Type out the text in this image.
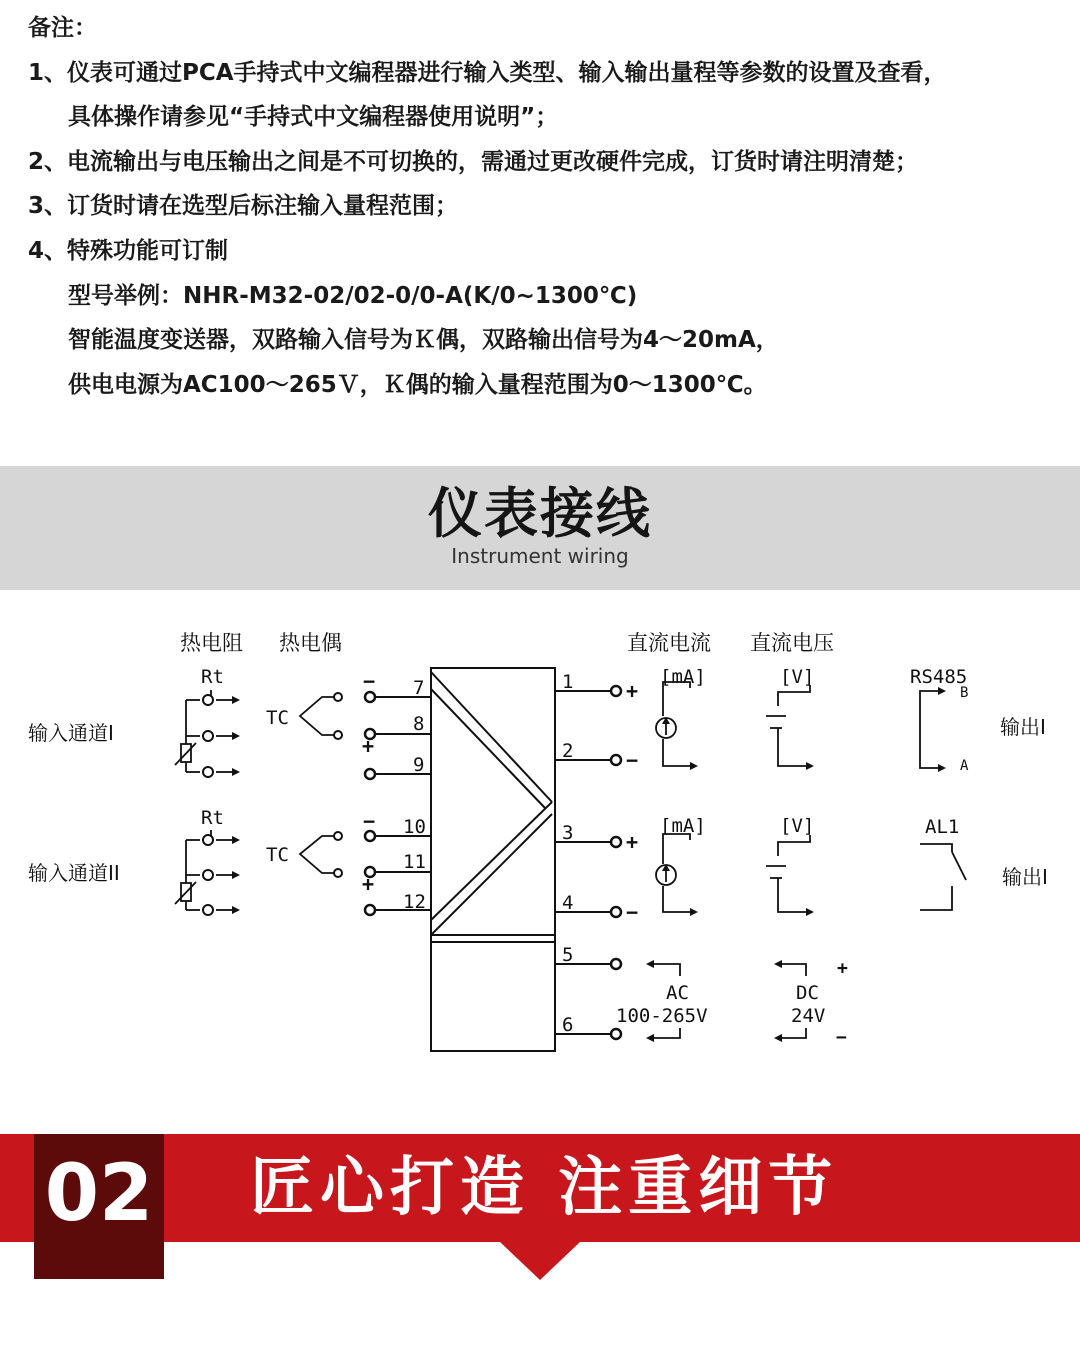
备注：
1、仪表可通过PCA手持式中文编程器进行输入类型、输入输出量程等参数的设置及查看，
具体操作请参见“手持式中文编程器使用说明”；
2、电流输出与电压输出之间是不可切换的，需通过更改硬件完成，订货时请注明清楚；
3、订货时请在选型后标注输入量程范围；
4、特殊功能可订制
型号举例：NHR-M32-02/02-0/0-A(K/0~1300℃)
智能温度变送器，双路输入信号为Ｋ偶，双路输出信号为4～20mA，
供电电源为AC100～265Ｖ，Ｋ偶的输入量程范围为0～1300℃。
仪表接线
Instrument wiring
7
8
9
10
11
12
1
2
3
4
5
6
−
+
−
+
热电阻 热电偶	直流电流 直流电压
输入通道I
输入通道II
输出I
输出I
Rt
Rt
TC
TC
+
−
+
−
[mA]	[V]	RS485
B
A
[mA]	[V]	AL1
AC
100-265V
DC
24V
+
−
匠心打造 注重细节
02
